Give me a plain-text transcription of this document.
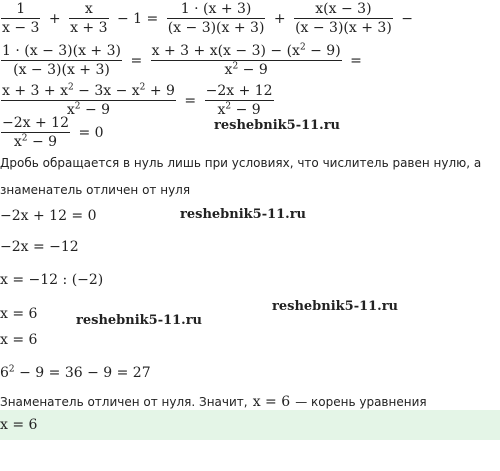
$\frac{1}{x - 3}$ +
~ $\frac{x}{x + 3} - 1 = \frac{1 \cdot (x + 3)}{(x - 3)(x + 3)} + \frac{x(x - 3)}{(x - 3)(x + 3)}$ −
$\frac{1 \cdot (x - 3)(x + 3)}{(x - 3)(x + 3)} = \frac{x + 3 + x(x - 3) - (x^2 - 9)}{x^2 - 9}$ =
$\frac{x + 3 + x^2 - 3x - x^2 + 9}{x^2 - 9} = \frac{-2x + 12}{x^2 - 9}$
$\frac{-2x + 12}{x^2 - 9} = 0$	reshebnik5-11.ru
Дробь обращается в нуль лишь при условиях, что числитель равен нулю, а
знаменатель отличен от нуля
−2x + 12 = 0	reshebnik5-11.ru
−2x = −12
x = −12 : (−2)
reshebnik5-11.ru
x = 6	reshebnik5-11.ru
x = 6
$6^2 - 9 = 36 - 9 = 27$
Знаменатель отличен от нуля. Значит, x = 6 — корень уравнения
x = 6
